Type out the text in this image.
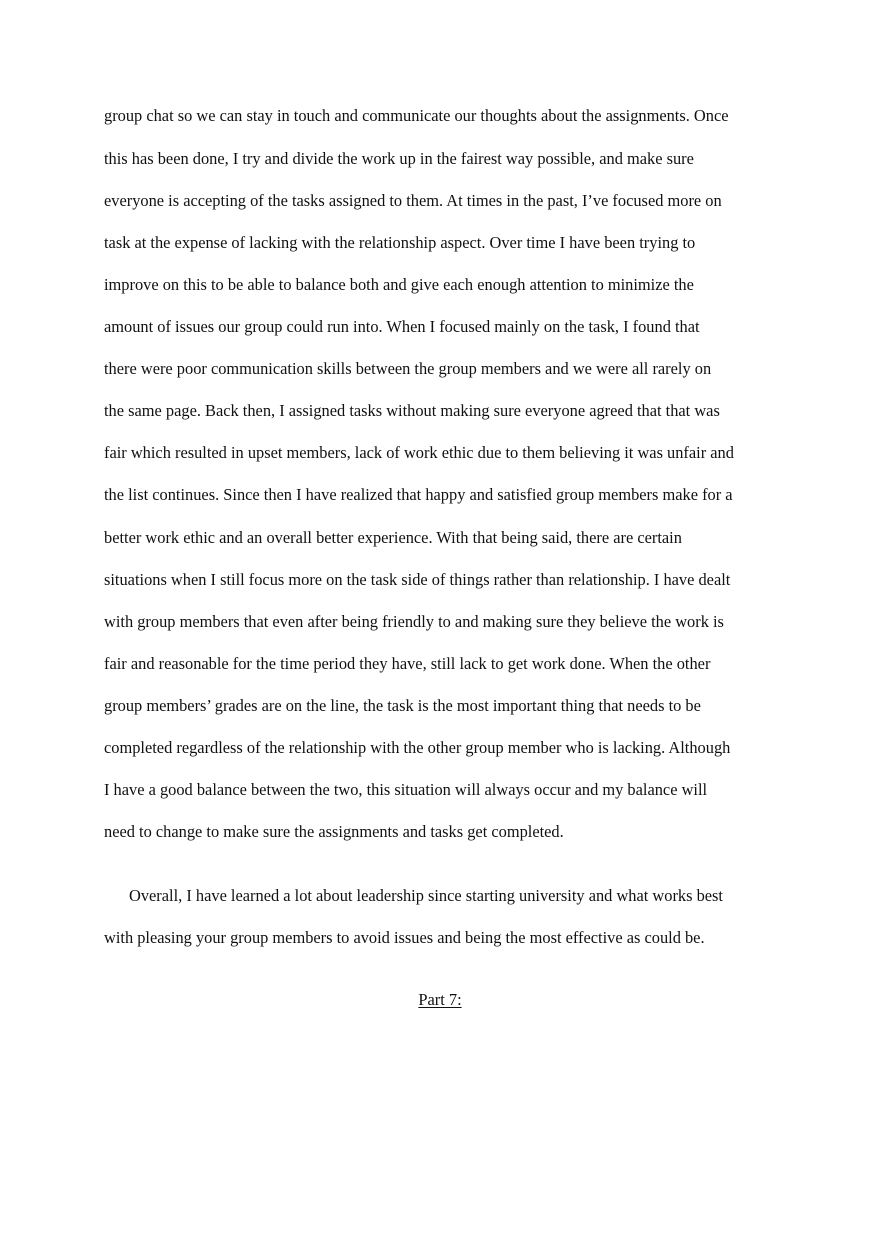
group chat so we can stay in touch and communicate our thoughts about the assignments. Once
this has been done, I try and divide the work up in the fairest way possible, and make sure
everyone is accepting of the tasks assigned to them. At times in the past, I’ve focused more on
task at the expense of lacking with the relationship aspect. Over time I have been trying to
improve on this to be able to balance both and give each enough attention to minimize the
amount of issues our group could run into. When I focused mainly on the task, I found that
there were poor communication skills between the group members and we were all rarely on
the same page. Back then, I assigned tasks without making sure everyone agreed that that was
fair which resulted in upset members, lack of work ethic due to them believing it was unfair and
the list continues. Since then I have realized that happy and satisfied group members make for a
better work ethic and an overall better experience. With that being said, there are certain
situations when I still focus more on the task side of things rather than relationship. I have dealt
with group members that even after being friendly to and making sure they believe the work is
fair and reasonable for the time period they have, still lack to get work done. When the other
group members’ grades are on the line, the task is the most important thing that needs to be
completed regardless of the relationship with the other group member who is lacking. Although
I have a good balance between the two, this situation will always occur and my balance will
need to change to make sure the assignments and tasks get completed.
Overall, I have learned a lot about leadership since starting university and what works best
with pleasing your group members to avoid issues and being the most effective as could be.
Part 7:
